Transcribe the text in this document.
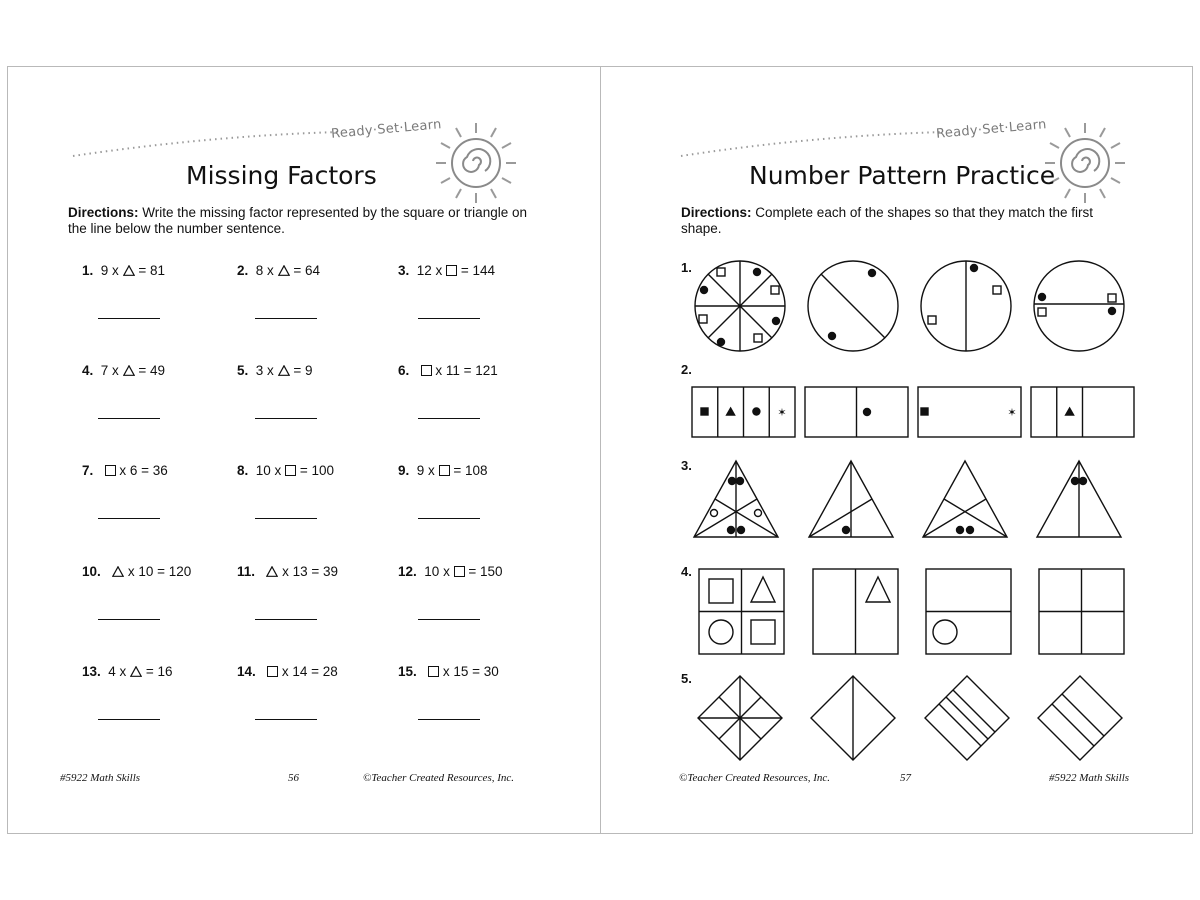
Ready·Set·Learn
Missing Factors
Directions: Write the missing factor represented by the square or triangle on the line below the number sentence.
1. 9 x = 81	2. 8 x = 64	3. 12 x = 144
4. 7 x = 49	5. 3 x = 9	6. x 11 = 121
7. x 6 = 36	8. 10 x = 100	9. 9 x = 108
10. x 10 = 120	11. x 13 = 39	12. 10 x = 150
13. 4 x = 16	14. x 14 = 28	15. x 15 = 30
#5922 Math Skills	56	©Teacher Created Resources, Inc.
Ready·Set·Learn
Number Pattern Practice
Directions: Complete each of the shapes so that they match the first shape.
1.
2.
3.
4.
5.
✶	✶
©Teacher Created Resources, Inc.	57	#5922 Math Skills
